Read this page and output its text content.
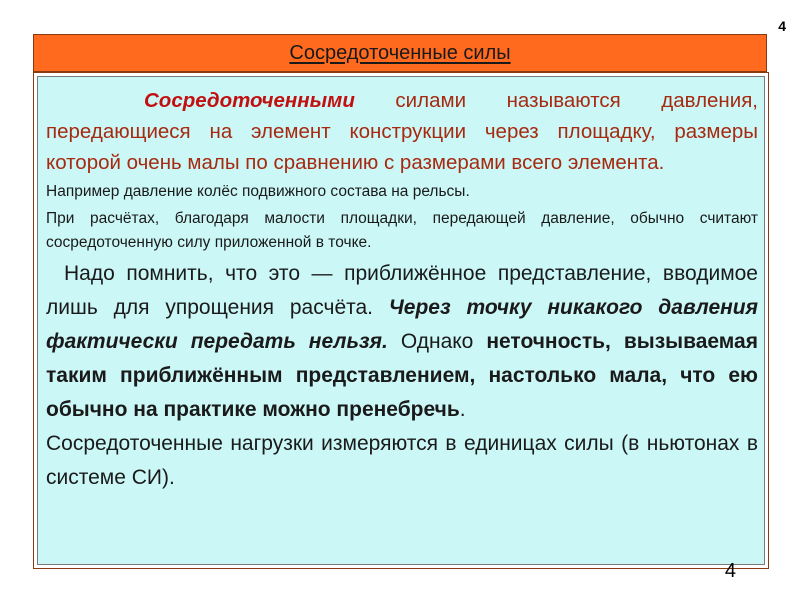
4
Сосредоточенные силы

Сосредоточенными силами называются давления, передающиеся на элемент конструкции через площадку, размеры которой очень малы по сравнению с размерами всего элемента.

Например давление колёс подвижного состава на рельсы.

При расчётах, благодаря малости площадки, передающей давление, обычно считают сосредоточенную силу приложенной в точке.

Надо помнить, что это — приближённое представление, вводимое лишь для упрощения расчёта. Через точку никакого давления фактически передать нельзя. Однако неточность, вызываемая таким приближённым представлением, настолько мала, что ею обычно на практике можно пренебречь.

Сосредоточенные нагрузки измеряются в единицах силы (в ньютонах в системе СИ).

4
